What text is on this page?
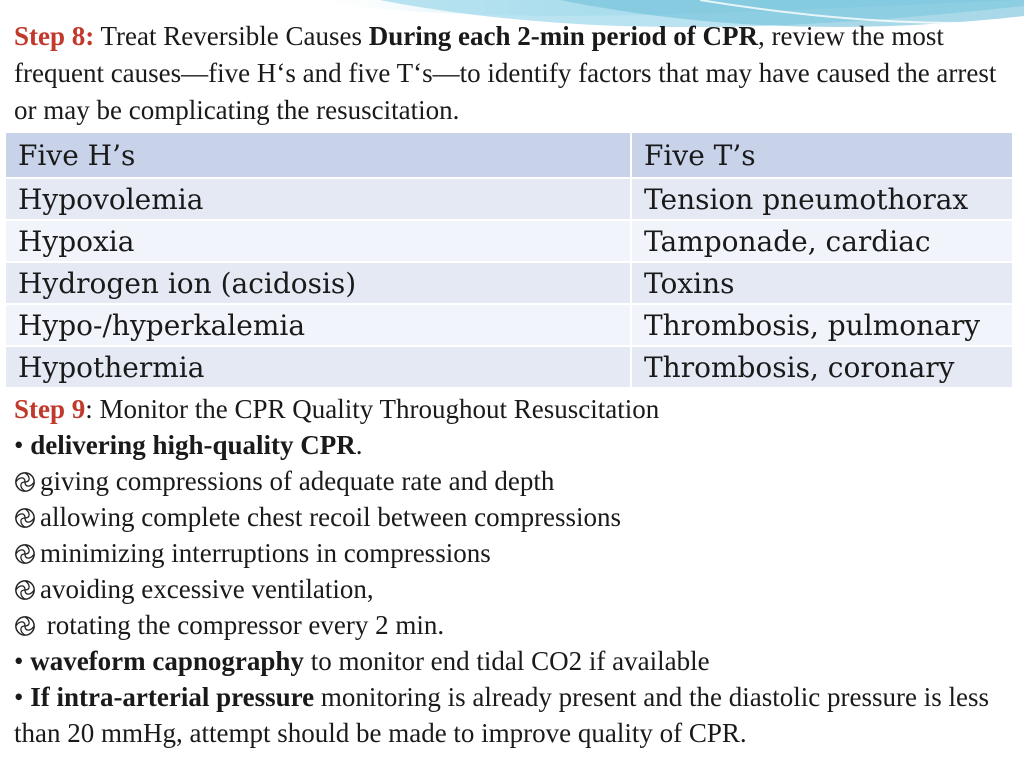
Step 8: Treat Reversible Causes During each 2-min period of CPR, review the most frequent causes—five H‘s and five T‘s—to identify factors that may have caused the arrest or may be complicating the resuscitation.

Five H’s	Five T’s
Hypovolemia	Tension pneumothorax
Hypoxia	Tamponade, cardiac
Hydrogen ion (acidosis)	Toxins
Hypo-/hyperkalemia	Thrombosis, pulmonary
Hypothermia	Thrombosis, coronary

Step 9: Monitor the CPR Quality Throughout Resuscitation

• delivering high-quality CPR.

giving compressions of adequate rate and depth

allowing complete chest recoil between compressions

minimizing interruptions in compressions

avoiding excessive ventilation,

rotating the compressor every 2 min.

• waveform capnography to monitor end tidal CO2 if available

• If intra-arterial pressure monitoring is already present and the diastolic pressure is less than 20 mmHg, attempt should be made to improve quality of CPR.
